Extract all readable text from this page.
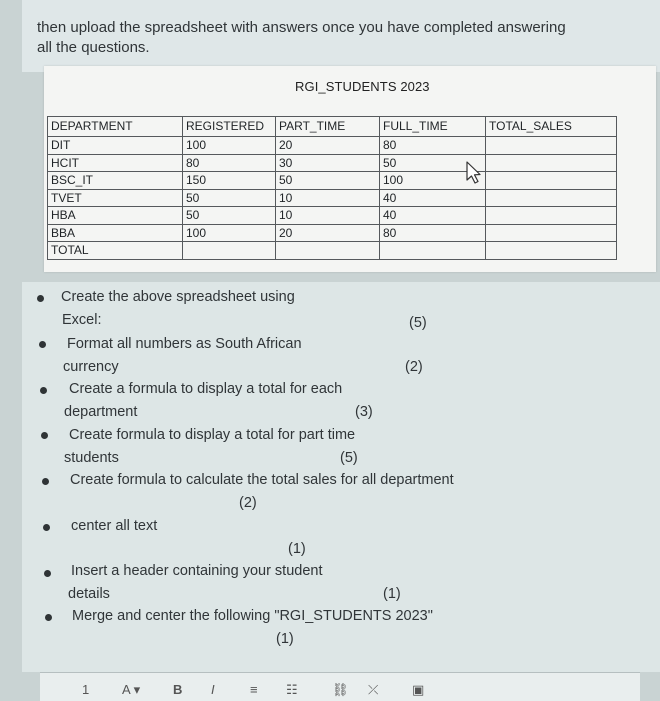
then upload the spreadsheet with answers once you have completed answering
all the questions.
RGI_STUDENTS 2023
DEPARTMENT	REGISTERED	PART_TIME	FULL_TIME	TOTAL_SALES
DIT	100	20	80	
HCIT	80	30	50	
BSC_IT	150	50	100	
TVET	50	10	40	
HBA	50	10	40	
BBA	100	20	80	
TOTAL				
Create the above spreadsheet using
Excel:	(5)
Format all numbers as South African
currency	(2)
Create a formula to display a total for each
department	(3)
Create formula to display a total for part time
students	(5)
Create formula to calculate the total sales for all department
(2)
center all text
(1)
Insert a header containing your student
details	(1)
Merge and center the following "RGI_STUDENTS 2023"
(1)
1	A ▾	B I	≡ ☷	⛓ ⤫	▣
